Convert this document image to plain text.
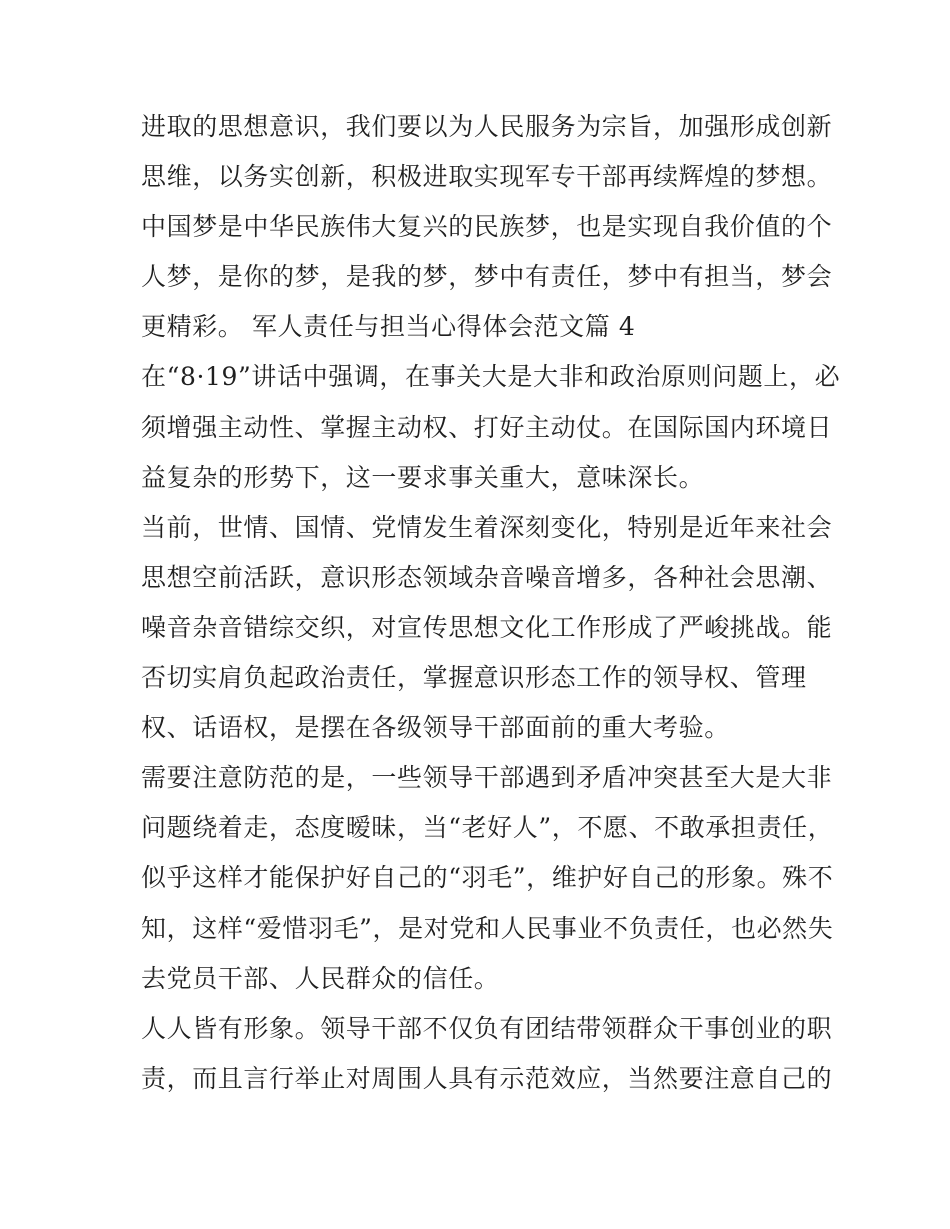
进取的思想意识，我们要以为人民服务为宗旨，加强形成创新
思维，以务实创新，积极进取实现军专干部再续辉煌的梦想。
中国梦是中华民族伟大复兴的民族梦，也是实现自我价值的个
人梦，是你的梦，是我的梦，梦中有责任，梦中有担当，梦会
更精彩。 军人责任与担当心得体会范文篇 4
在“8·19”讲话中强调，在事关大是大非和政治原则问题上，必
须增强主动性、掌握主动权、打好主动仗。在国际国内环境日
益复杂的形势下，这一要求事关重大，意味深长。
当前，世情、国情、党情发生着深刻变化，特别是近年来社会
思想空前活跃，意识形态领域杂音噪音增多，各种社会思潮、
噪音杂音错综交织，对宣传思想文化工作形成了严峻挑战。能
否切实肩负起政治责任，掌握意识形态工作的领导权、管理
权、话语权，是摆在各级领导干部面前的重大考验。
需要注意防范的是，一些领导干部遇到矛盾冲突甚至大是大非
问题绕着走，态度暧昧，当“老好人”，不愿、不敢承担责任，
似乎这样才能保护好自己的“羽毛”，维护好自己的形象。殊不
知，这样“爱惜羽毛”，是对党和人民事业不负责任，也必然失
去党员干部、人民群众的信任。
人人皆有形象。领导干部不仅负有团结带领群众干事创业的职
责，而且言行举止对周围人具有示范效应，当然要注意自己的
